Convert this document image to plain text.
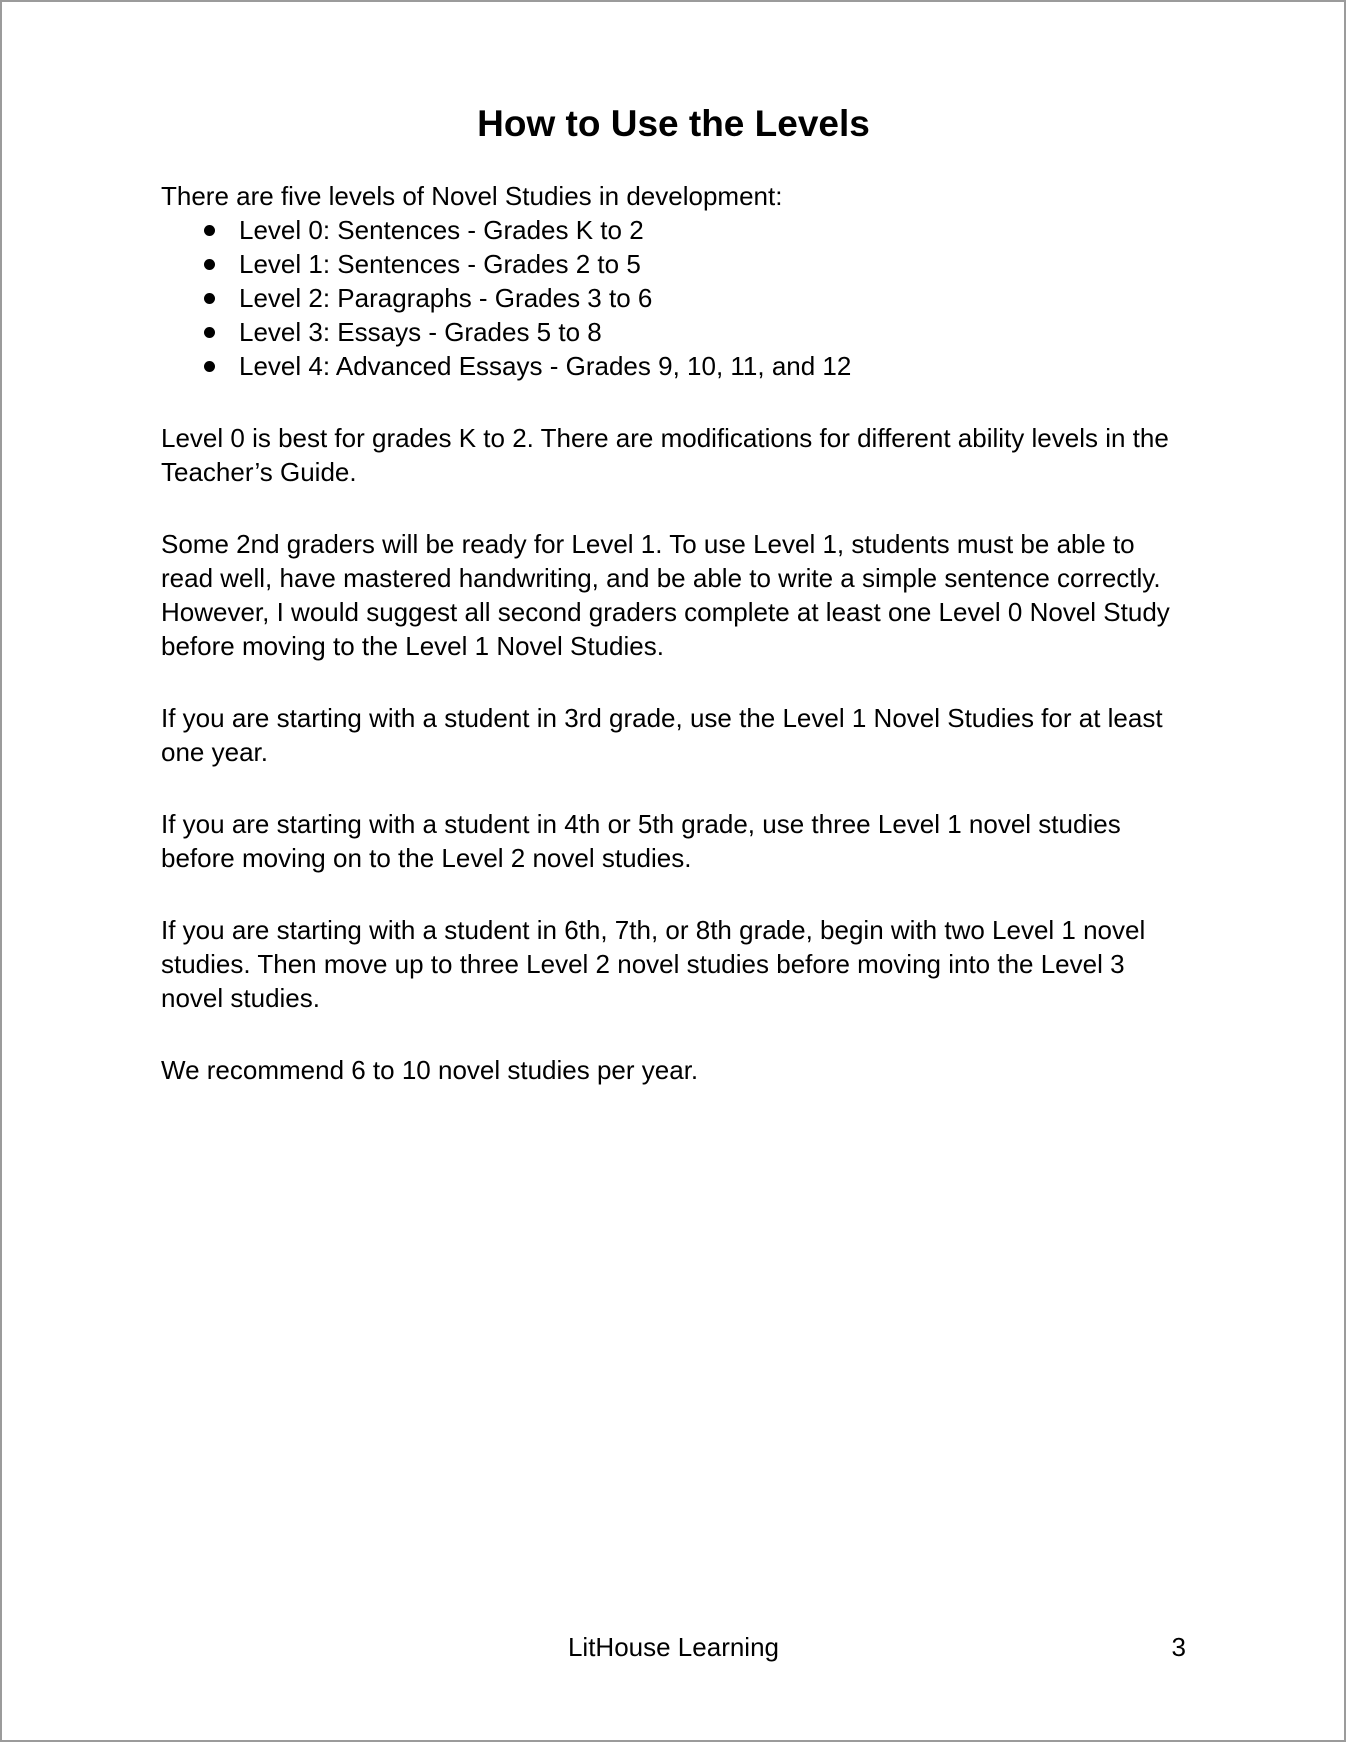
How to Use the Levels

There are five levels of Novel Studies in development:

Level 0: Sentences - Grades K to 2
Level 1: Sentences - Grades 2 to 5
Level 2: Paragraphs - Grades 3 to 6
Level 3: Essays - Grades 5 to 8
Level 4: Advanced Essays - Grades 9, 10, 11, and 12

Level 0 is best for grades K to 2. There are modifications for different ability levels in the Teacher’s Guide.

Some 2nd graders will be ready for Level 1. To use Level 1, students must be able to read well, have mastered handwriting, and be able to write a simple sentence correctly. However, I would suggest all second graders complete at least one Level 0 Novel Study before moving to the Level 1 Novel Studies.

If you are starting with a student in 3rd grade, use the Level 1 Novel Studies for at least one year.

If you are starting with a student in 4th or 5th grade, use three Level 1 novel studies before moving on to the Level 2 novel studies.

If you are starting with a student in 6th, 7th, or 8th grade, begin with two Level 1 novel studies. Then move up to three Level 2 novel studies before moving into the Level 3 novel studies.

We recommend 6 to 10 novel studies per year.

LitHouse Learning	3
